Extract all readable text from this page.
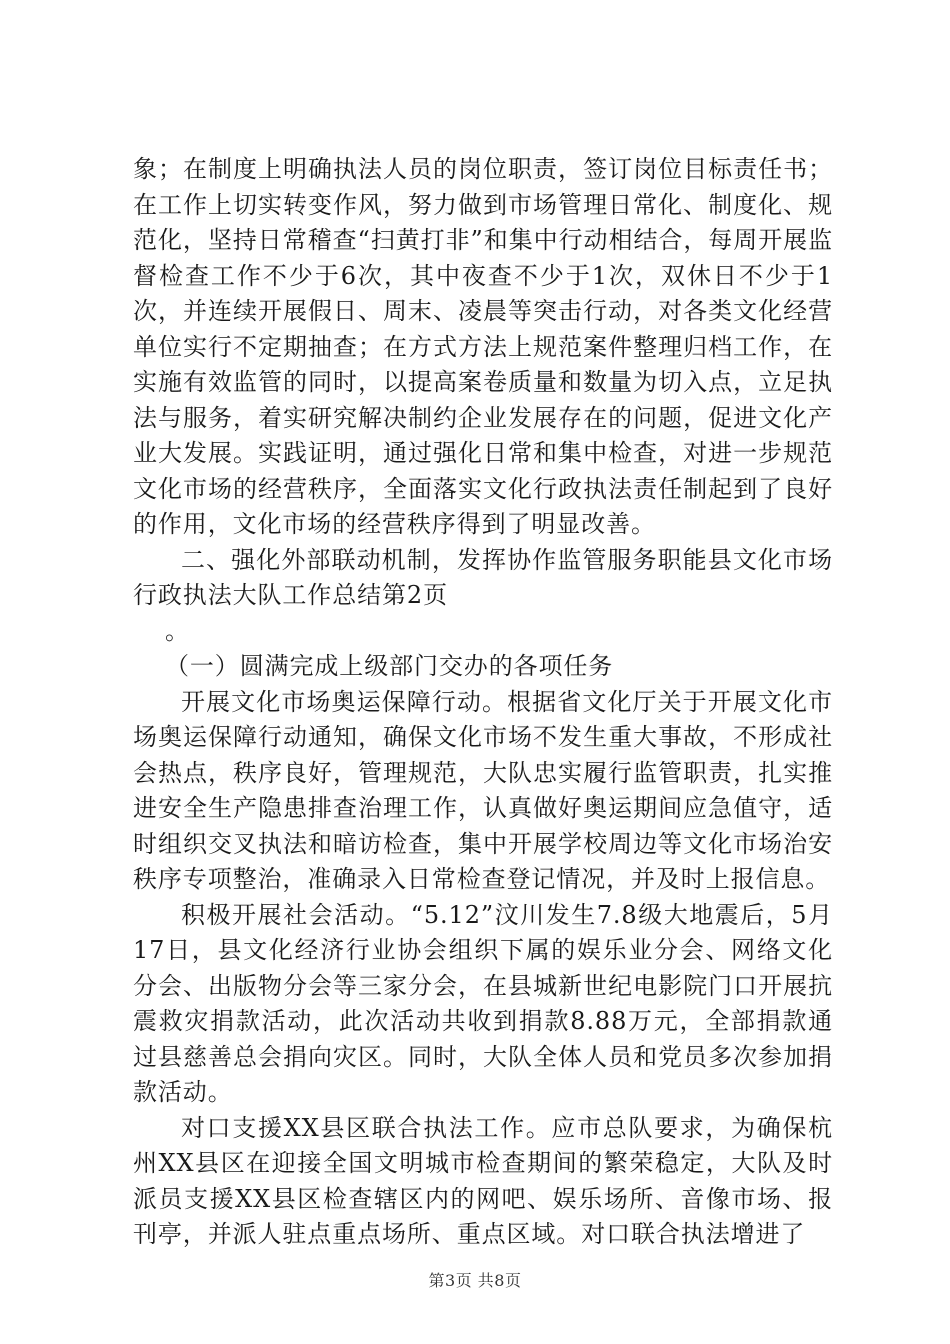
象；在制度上明确执法人员的岗位职责，签订岗位目标责任书；在工作上切实转变作风，努力做到市场管理日常化、制度化、规范化，坚持日常稽查“扫黄打非”和集中行动相结合，每周开展监督检查工作不少于6次，其中夜查不少于1次，双休日不少于1次，并连续开展假日、周末、凌晨等突击行动，对各类文化经营单位实行不定期抽查；在方式方法上规范案件整理归档工作，在实施有效监管的同时，以提高案卷质量和数量为切入点，立足执法与服务，着实研究解决制约企业发展存在的问题，促进文化产业大发展。实践证明，通过强化日常和集中检查，对进一步规范文化市场的经营秩序，全面落实文化行政执法责任制起到了良好的作用，文化市场的经营秩序得到了明显改善。

二、强化外部联动机制，发挥协作监管服务职能县文化市场行政执法大队工作总结第2页

。

（一）圆满完成上级部门交办的各项任务

开展文化市场奥运保障行动。根据省文化厅关于开展文化市场奥运保障行动通知，确保文化市场不发生重大事故，不形成社会热点，秩序良好，管理规范，大队忠实履行监管职责，扎实推进安全生产隐患排查治理工作，认真做好奥运期间应急值守，适时组织交叉执法和暗访检查，集中开展学校周边等文化市场治安秩序专项整治，准确录入日常检查登记情况，并及时上报信息。

积极开展社会活动。“5.12”汶川发生7.8级大地震后，5月17日，县文化经济行业协会组织下属的娱乐业分会、网络文化分会、出版物分会等三家分会，在县城新世纪电影院门口开展抗震救灾捐款活动，此次活动共收到捐款8.88万元，全部捐款通过县慈善总会捐向灾区。同时，大队全体人员和党员多次参加捐款活动。

对口支援XX县区联合执法工作。应市总队要求，为确保杭州XX县区在迎接全国文明城市检查期间的繁荣稳定，大队及时派员支援XX县区检查辖区内的网吧、娱乐场所、音像市场、报刊亭，并派人驻点重点场所、重点区域。对口联合执法增进了

第3页 共8页
